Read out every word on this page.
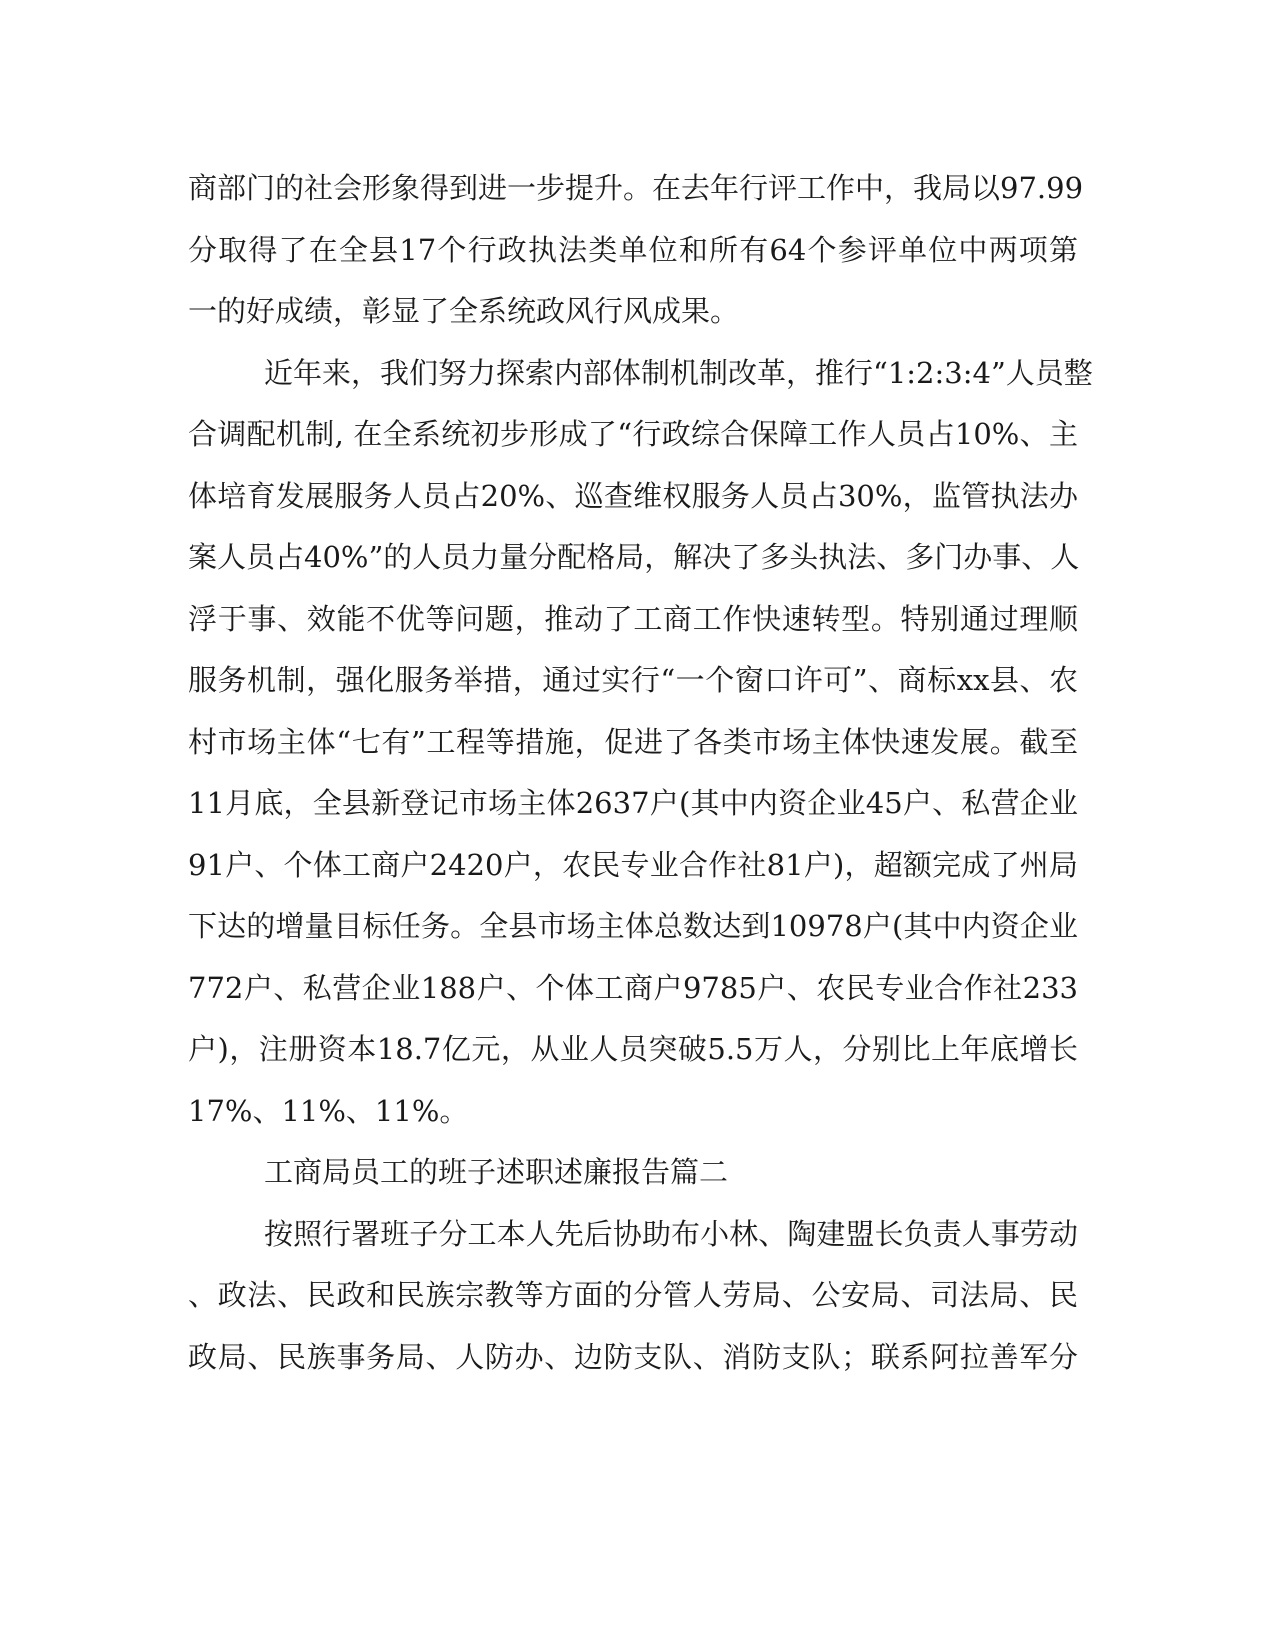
商部门的社会形象得到进一步提升。在去年行评工作中，我局以97.99
分取得了在全县17个行政执法类单位和所有64个参评单位中两项第
一的好成绩，彰显了全系统政风行风成果。
近年来，我们努力探索内部体制机制改革，推行“1:2:3:4”人员整
合调配机制, 在全系统初步形成了“行政综合保障工作人员占10%、主
体培育发展服务人员占20%、巡查维权服务人员占30%，监管执法办
案人员占40%”的人员力量分配格局，解决了多头执法、多门办事、人
浮于事、效能不优等问题，推动了工商工作快速转型。特别通过理顺
服务机制，强化服务举措，通过实行“一个窗口许可”、商标xx县、农
村市场主体“七有”工程等措施，促进了各类市场主体快速发展。截至
11月底，全县新登记市场主体2637户(其中内资企业45户、私营企业
91户、个体工商户2420户，农民专业合作社81户)，超额完成了州局
下达的增量目标任务。全县市场主体总数达到10978户(其中内资企业
772户、私营企业188户、个体工商户9785户、农民专业合作社233
户)，注册资本18.7亿元，从业人员突破5.5万人，分别比上年底增长
17%、11%、11%。
工商局员工的班子述职述廉报告篇二
按照行署班子分工本人先后协助布小林、陶建盟长负责人事劳动
、政法、民政和民族宗教等方面的分管人劳局、公安局、司法局、民
政局、民族事务局、人防办、边防支队、消防支队；联系阿拉善军分
